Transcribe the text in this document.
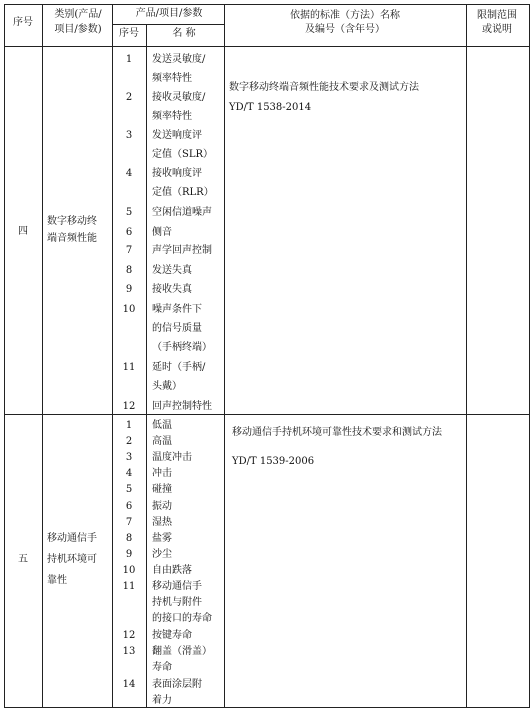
序号
类别(产品/
项目/参数)
产品/项目/参数
序号	名 称
依据的标准（方法）名称
及编号（含年号）
限制范围
或说明
四
数字移动终
端音频性能
数字移动终端音频性能技术要求及测试方法
YD/T 1538-2014
1	发送灵敏度/
频率特性
2	接收灵敏度/
频率特性
3	发送响度评
定值（SLR）
4	接收响度评
定值（RLR）
5	空闲信道噪声
6	侧音
7	声学回声控制
8	发送失真
9	接收失真
10	噪声条件下
的信号质量
（手柄终端）
11	延时（手柄/
头戴）
12	回声控制特性
五
移动通信手
持机环境可
靠性
移动通信手持机环境可靠性技术要求和测试方法
YD/T 1539-2006
1	低温
2	高温
3	温度冲击
4	冲击
5	碰撞
6	振动
7	湿热
8	盐雾
9	沙尘
10	自由跌落
11	移动通信手
持机与附件
的接口的寿命
12	按键寿命
13	翻盖（滑盖）
寿命
14	表面涂层附
着力
